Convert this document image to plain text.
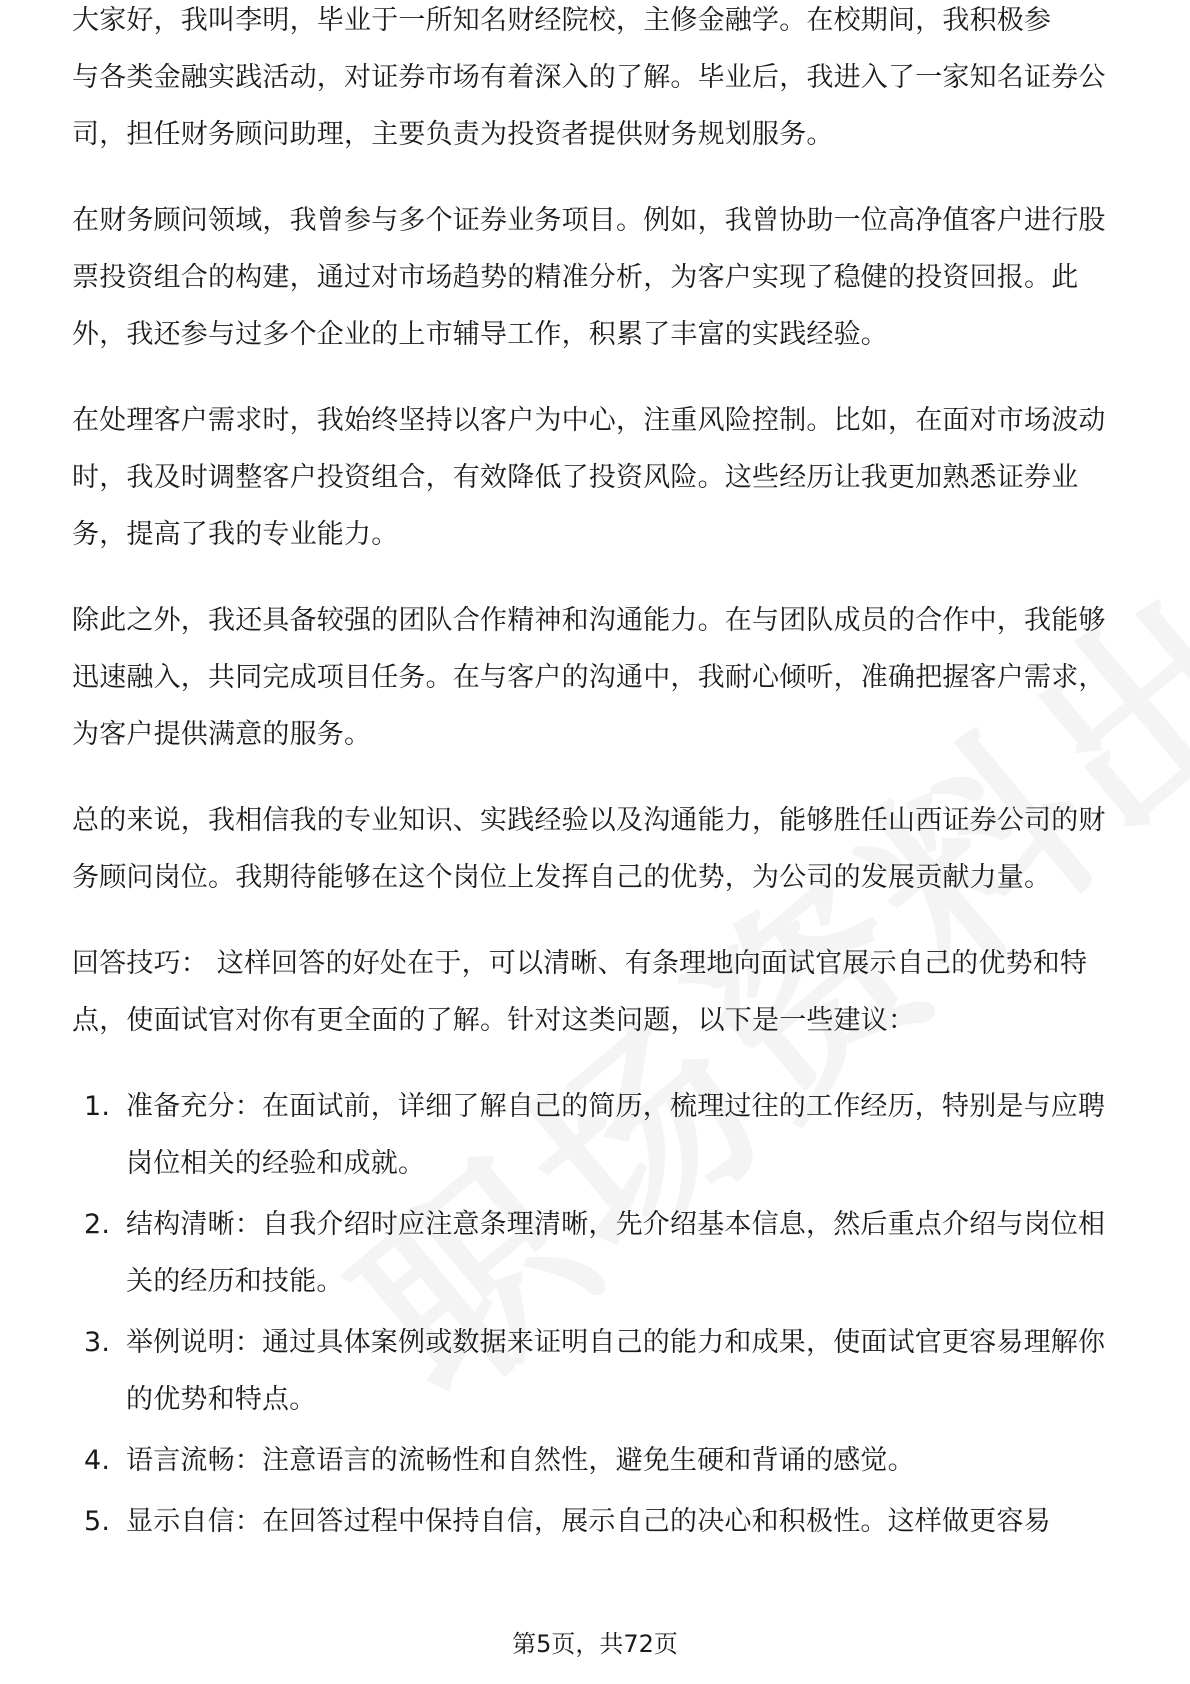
大家好，我叫李明，毕业于一所知名财经院校，主修金融学。在校期间，我积极参

与各类金融实践活动，对证券市场有着深入的了解。毕业后，我进入了一家知名证券公司，担任财务顾问助理，主要负责为投资者提供财务规划服务。

在财务顾问领域，我曾参与多个证券业务项目。例如，我曾协助一位高净值客户进行股票投资组合的构建，通过对市场趋势的精准分析，为客户实现了稳健的投资回报。此外，我还参与过多个企业的上市辅导工作，积累了丰富的实践经验。

在处理客户需求时，我始终坚持以客户为中心，注重风险控制。比如，在面对市场波动时，我及时调整客户投资组合，有效降低了投资风险。这些经历让我更加熟悉证券业务，提高了我的专业能力。

除此之外，我还具备较强的团队合作精神和沟通能力。在与团队成员的合作中，我能够迅速融入，共同完成项目任务。在与客户的沟通中，我耐心倾听，准确把握客户需求，为客户提供满意的服务。

总的来说，我相信我的专业知识、实践经验以及沟通能力，能够胜任山西证券公司的财务顾问岗位。我期待能够在这个岗位上发挥自己的优势，为公司的发展贡献力量。

回答技巧： 这样回答的好处在于，可以清晰、有条理地向面试官展示自己的优势和特点，使面试官对你有更全面的了解。针对这类问题，以下是一些建议：

1. 准备充分：在面试前，详细了解自己的简历，梳理过往的工作经历，特别是与应聘岗位相关的经验和成就。
2. 结构清晰：自我介绍时应注意条理清晰，先介绍基本信息，然后重点介绍与岗位相关的经历和技能。
3. 举例说明：通过具体案例或数据来证明自己的能力和成果，使面试官更容易理解你的优势和特点。
4. 语言流畅：注意语言的流畅性和自然性，避免生硬和背诵的感觉。
5. 显示自信：在回答过程中保持自信，展示自己的决心和积极性。这样做更容易
第5页，共72页
